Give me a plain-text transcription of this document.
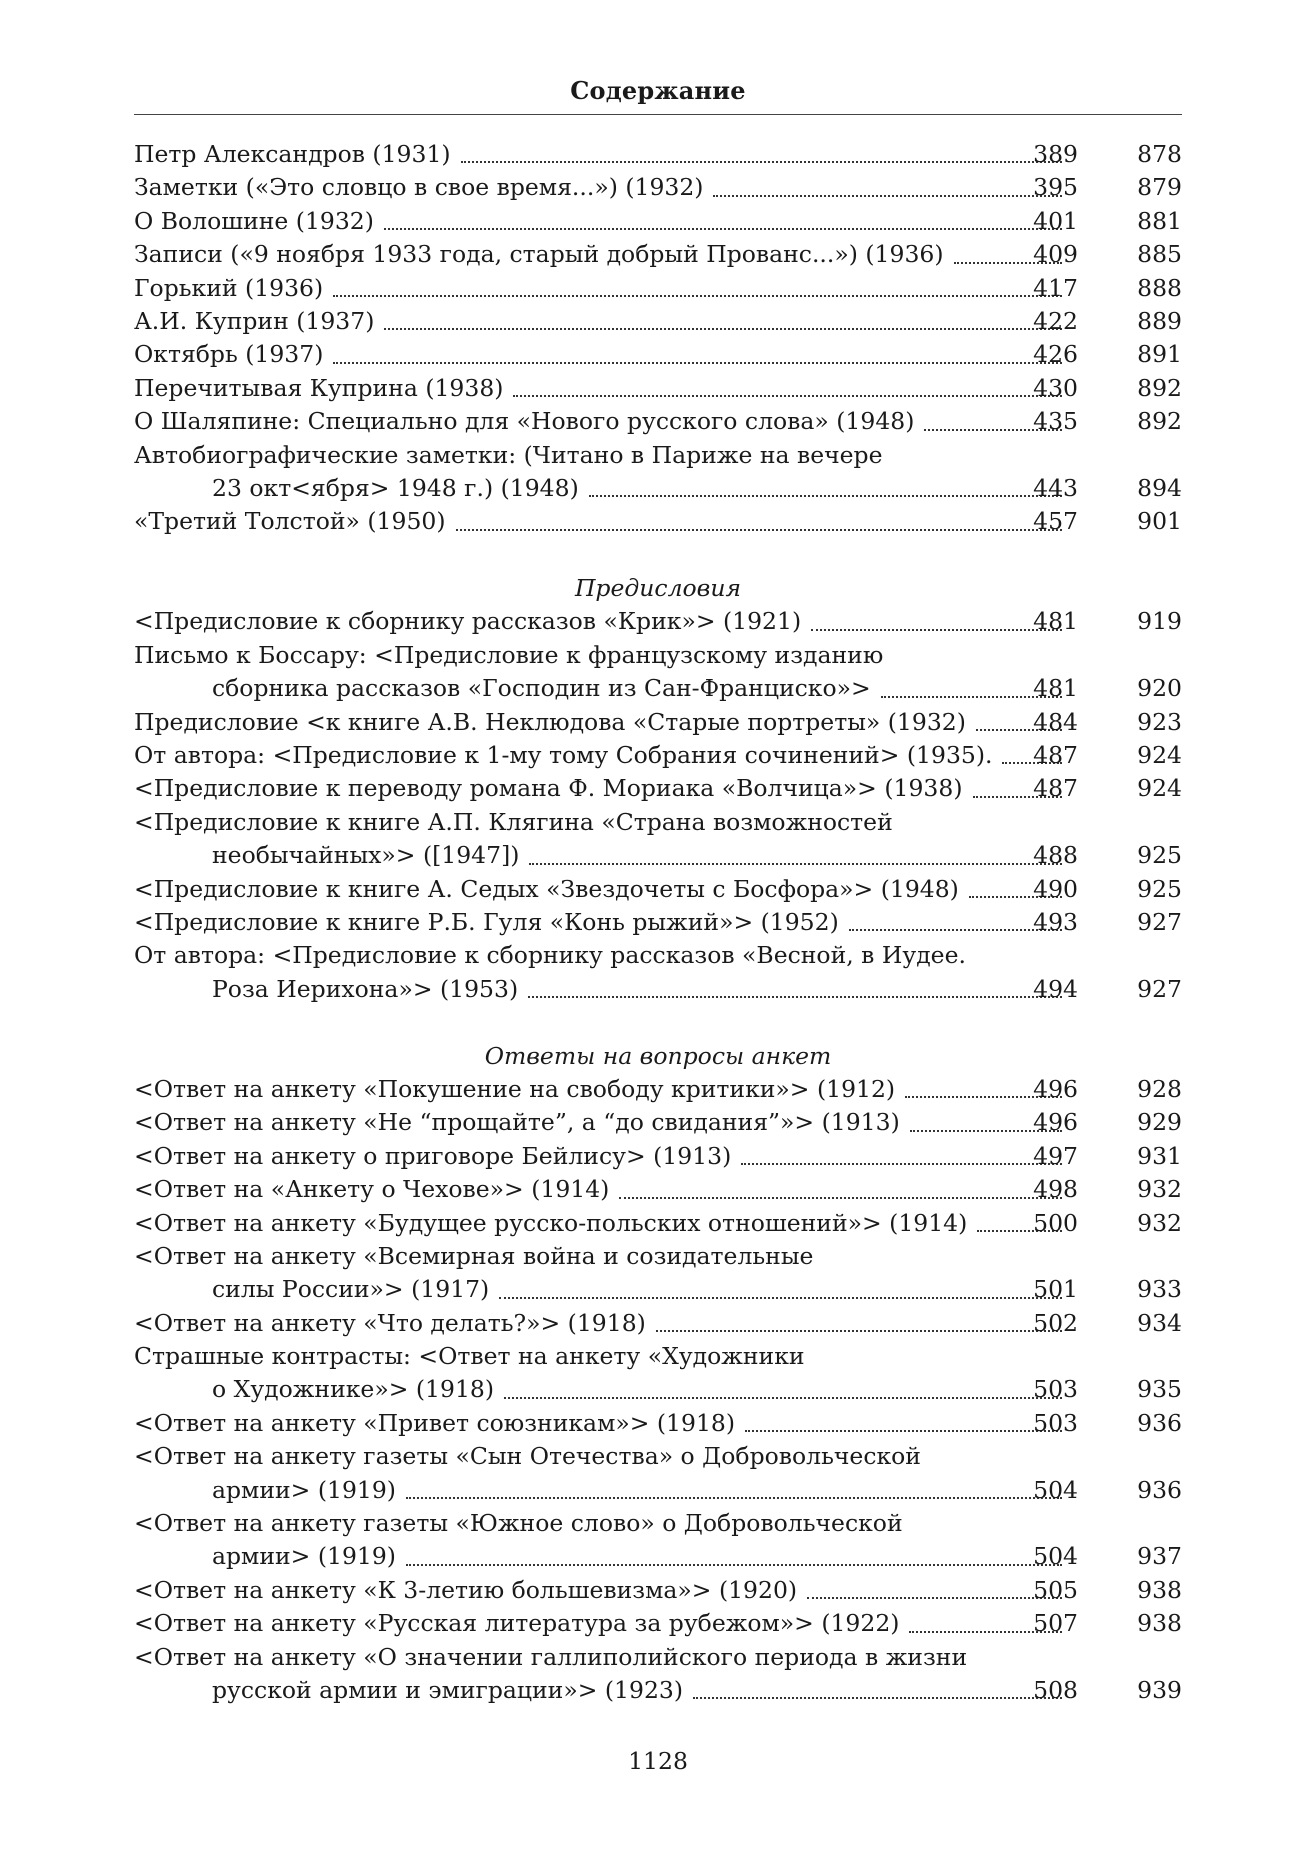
Содержание
Петр Александров (1931)	389	878
Заметки («Это словцо в свое время...») (1932)	395	879
О Волошине (1932)	401	881
Записи («9 ноября 1933 года, старый добрый Прованс...») (1936)	409	885
Горький (1936)	417	888
А.И. Куприн (1937)	422	889
Октябрь (1937)	426	891
Перечитывая Куприна (1938)	430	892
О Шаляпине: Специально для «Нового русского слова» (1948)	435	892
Автобиографические заметки: (Читано в Париже на вечере
23 окт<ября> 1948 г.) (1948)	443	894
«Третий Толстой» (1950)	457	901
Предисловия
<Предисловие к сборнику рассказов «Крик»> (1921)	481	919
Письмо к Боссару: <Предисловие к французскому изданию
сборника рассказов «Господин из Сан-Франциско»>	481	920
Предисловие <к книге А.В. Неклюдова «Старые портреты» (1932)	484	923
От автора: <Предисловие к 1-му тому Собрания сочинений> (1935).	487	924
<Предисловие к переводу романа Ф. Мориака «Волчица»> (1938)	487	924
<Предисловие к книге А.П. Клягина «Страна возможностей
необычайных»> ([1947])	488	925
<Предисловие к книге А. Седых «Звездочеты с Босфора»> (1948)	490	925
<Предисловие к книге Р.Б. Гуля «Конь рыжий»> (1952)	493	927
От автора: <Предисловие к сборнику рассказов «Весной, в Иудее.
Роза Иерихона»> (1953)	494	927
Ответы на вопросы анкет
<Ответ на анкету «Покушение на свободу критики»> (1912)	496	928
<Ответ на анкету «Не “прощайте”, а “до свидания”»> (1913)	496	929
<Ответ на анкету о приговоре Бейлису> (1913)	497	931
<Ответ на «Анкету о Чехове»> (1914)	498	932
<Ответ на анкету «Будущее русско-польских отношений»> (1914)	500	932
<Ответ на анкету «Всемирная война и созидательные
силы России»> (1917)	501	933
<Ответ на анкету «Что делать?»> (1918)	502	934
Страшные контрасты: <Ответ на анкету «Художники
о Художнике»> (1918)	503	935
<Ответ на анкету «Привет союзникам»> (1918)	503	936
<Ответ на анкету газеты «Сын Отечества» о Добровольческой
армии> (1919)	504	936
<Ответ на анкету газеты «Южное слово» о Добровольческой
армии> (1919)	504	937
<Ответ на анкету «К 3-летию большевизма»> (1920)	505	938
<Ответ на анкету «Русская литература за рубежом»> (1922)	507	938
<Ответ на анкету «О значении галлиполийского периода в жизни
русской армии и эмиграции»> (1923)	508	939
1128
